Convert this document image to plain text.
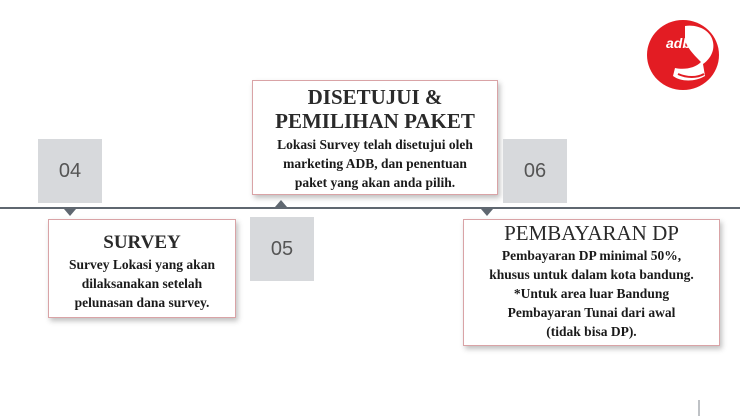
04
SURVEY

Survey Lokasi yang akan

dilaksanakan setelah

pelunasan dana survey.

DISETUJUI &
PEMILIHAN PAKET

Lokasi Survey telah disetujui oleh

marketing ADB, dan penentuan

paket yang akan anda pilih.

05
06
PEMBAYARAN DP

Pembayaran DP minimal 50%,

khusus untuk dalam kota bandung.

*Untuk area luar Bandung

Pembayaran Tunai dari awal

(tidak bisa DP).

adb
